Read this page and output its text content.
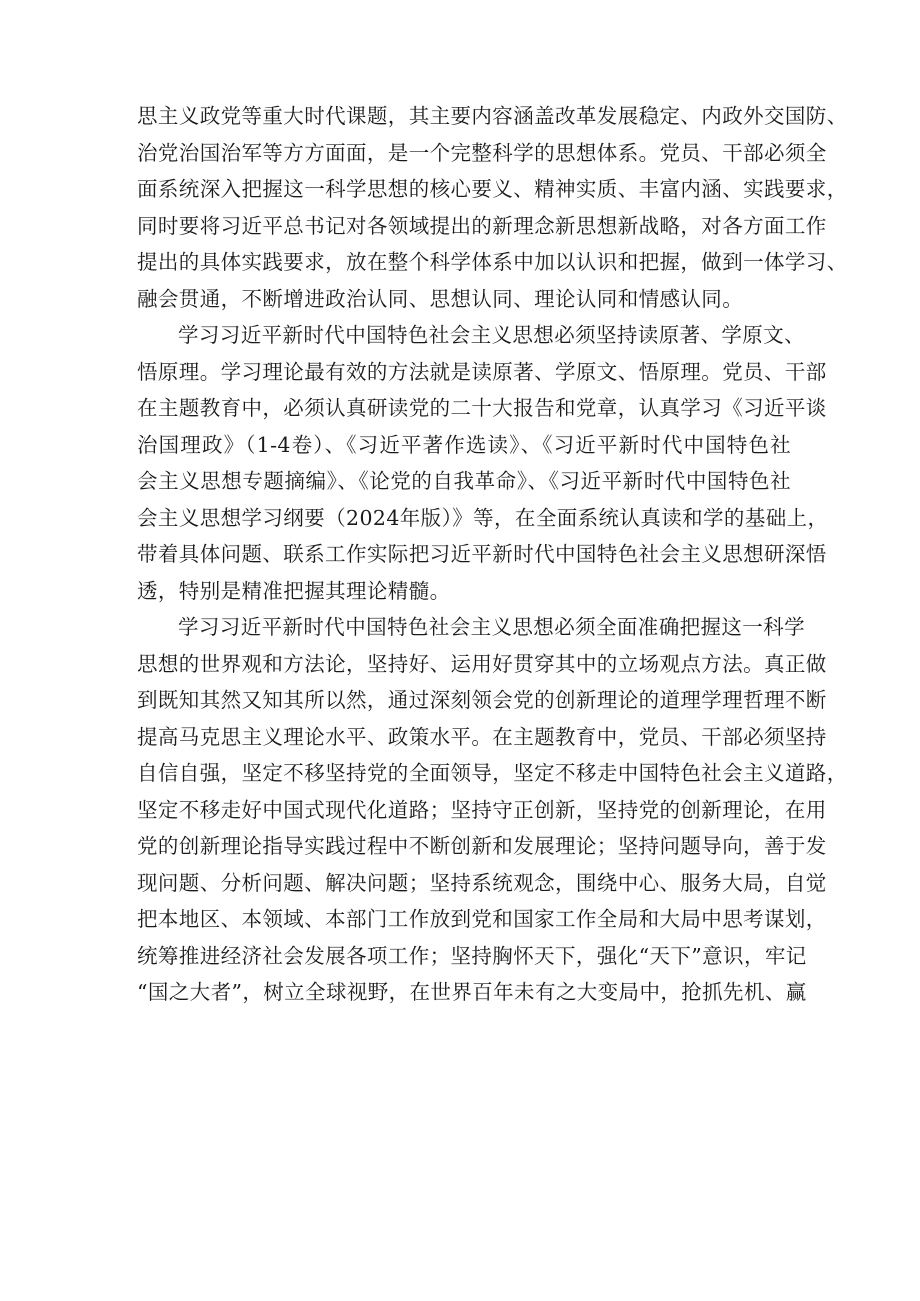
思主义政党等重大时代课题，其主要内容涵盖改革发展稳定、内政外交国防、
治党治国治军等方方面面，是一个完整科学的思想体系。党员、干部必须全
面系统深入把握这一科学思想的核心要义、精神实质、丰富内涵、实践要求，
同时要将习近平总书记对各领域提出的新理念新思想新战略，对各方面工作
提出的具体实践要求，放在整个科学体系中加以认识和把握，做到一体学习、
融会贯通，不断增进政治认同、思想认同、理论认同和情感认同。

学习习近平新时代中国特色社会主义思想必须坚持读原著、学原文、
悟原理。学习理论最有效的方法就是读原著、学原文、悟原理。党员、干部
在主题教育中，必须认真研读党的二十大报告和党章，认真学习《习近平谈
治国理政》（1-4卷）、《习近平著作选读》、《习近平新时代中国特色社
会主义思想专题摘编》、《论党的自我革命》、《习近平新时代中国特色社
会主义思想学习纲要（2024年版）》等，在全面系统认真读和学的基础上，
带着具体问题、联系工作实际把习近平新时代中国特色社会主义思想研深悟
透，特别是精准把握其理论精髓。

学习习近平新时代中国特色社会主义思想必须全面准确把握这一科学
思想的世界观和方法论，坚持好、运用好贯穿其中的立场观点方法。真正做
到既知其然又知其所以然，通过深刻领会党的创新理论的道理学理哲理不断
提高马克思主义理论水平、政策水平。在主题教育中，党员、干部必须坚持
自信自强，坚定不移坚持党的全面领导，坚定不移走中国特色社会主义道路，
坚定不移走好中国式现代化道路；坚持守正创新，坚持党的创新理论，在用
党的创新理论指导实践过程中不断创新和发展理论；坚持问题导向，善于发
现问题、分析问题、解决问题；坚持系统观念，围绕中心、服务大局，自觉
把本地区、本领域、本部门工作放到党和国家工作全局和大局中思考谋划，
统筹推进经济社会发展各项工作；坚持胸怀天下，强化“天下”意识，牢记
“国之大者”，树立全球视野，在世界百年未有之大变局中，抢抓先机、赢
